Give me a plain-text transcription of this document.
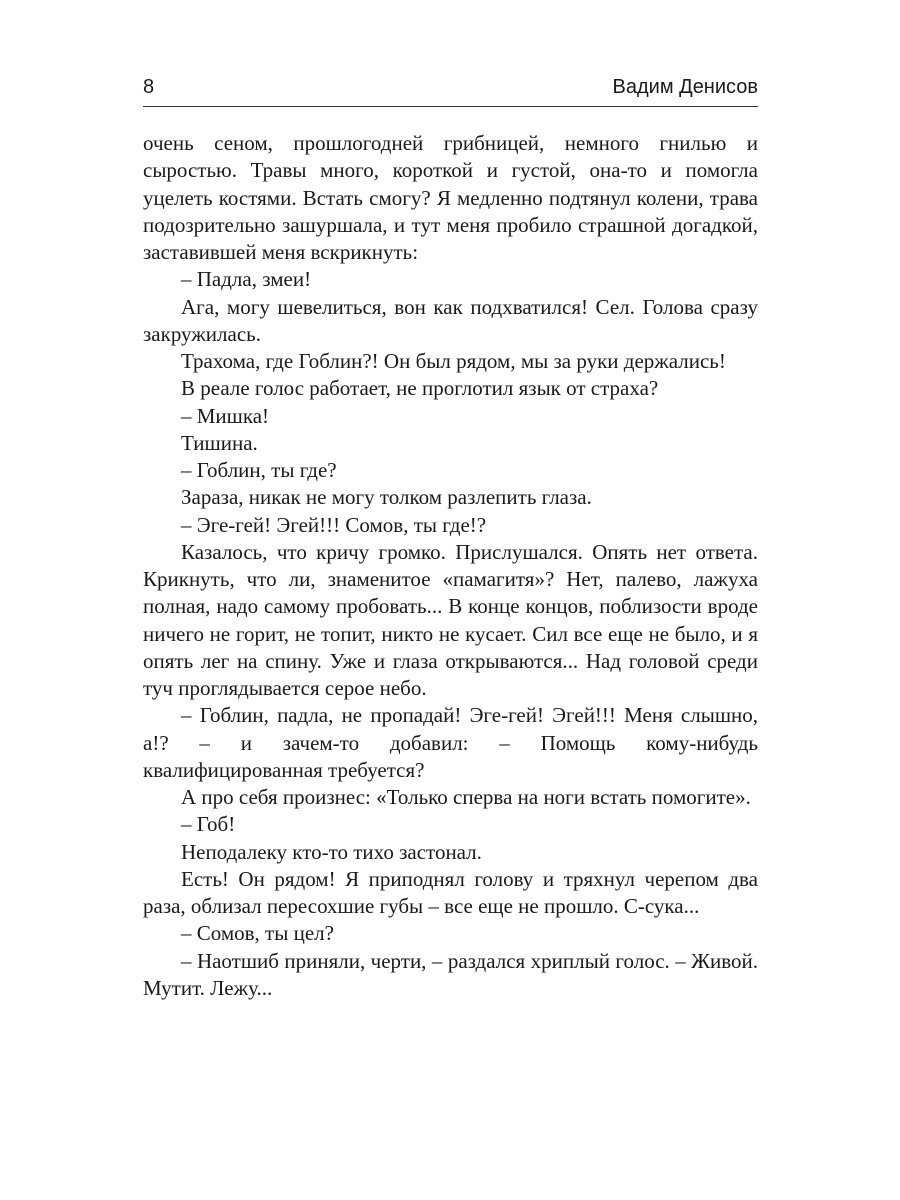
8	Вадим Денисов

очень сеном, прошлогодней грибницей, немного гнилью и сыростью. Травы много, короткой и густой, она-то и помогла уцелеть костями. Встать смогу? Я медленно подтянул колени, трава подозрительно зашуршала, и тут меня пробило страшной догадкой, заставившей меня вскрикнуть:

– Падла, змеи!

Ага, могу шевелиться, вон как подхватился! Сел. Голова сразу закружилась.

Трахома, где Гоблин?! Он был рядом, мы за руки держались!

В реале голос работает, не проглотил язык от страха?

– Мишка!

Тишина.

– Гоблин, ты где?

Зараза, никак не могу толком разлепить глаза.

– Эге-гей! Эгей!!! Сомов, ты где!?

Казалось, что кричу громко. Прислушался. Опять нет ответа. Крикнуть, что ли, знаменитое «памагитя»? Нет, палево, лажуха полная, надо самому пробовать... В конце концов, поблизости вроде ничего не горит, не топит, никто не кусает. Сил все еще не было, и я опять лег на спину. Уже и глаза открываются... Над головой среди туч проглядывается серое небо.

– Гоблин, падла, не пропадай! Эге-гей! Эгей!!! Меня слышно, а!? – и зачем-то добавил: – Помощь кому-нибудь квалифицированная требуется?

А про себя произнес: «Только сперва на ноги встать помогите».

– Гоб!

Неподалеку кто-то тихо застонал.

Есть! Он рядом! Я приподнял голову и тряхнул черепом два раза, облизал пересохшие губы – все еще не прошло. С-сука...

– Сомов, ты цел?

– Наотшиб приняли, черти, – раздался хриплый голос. – Живой. Мутит. Лежу...
